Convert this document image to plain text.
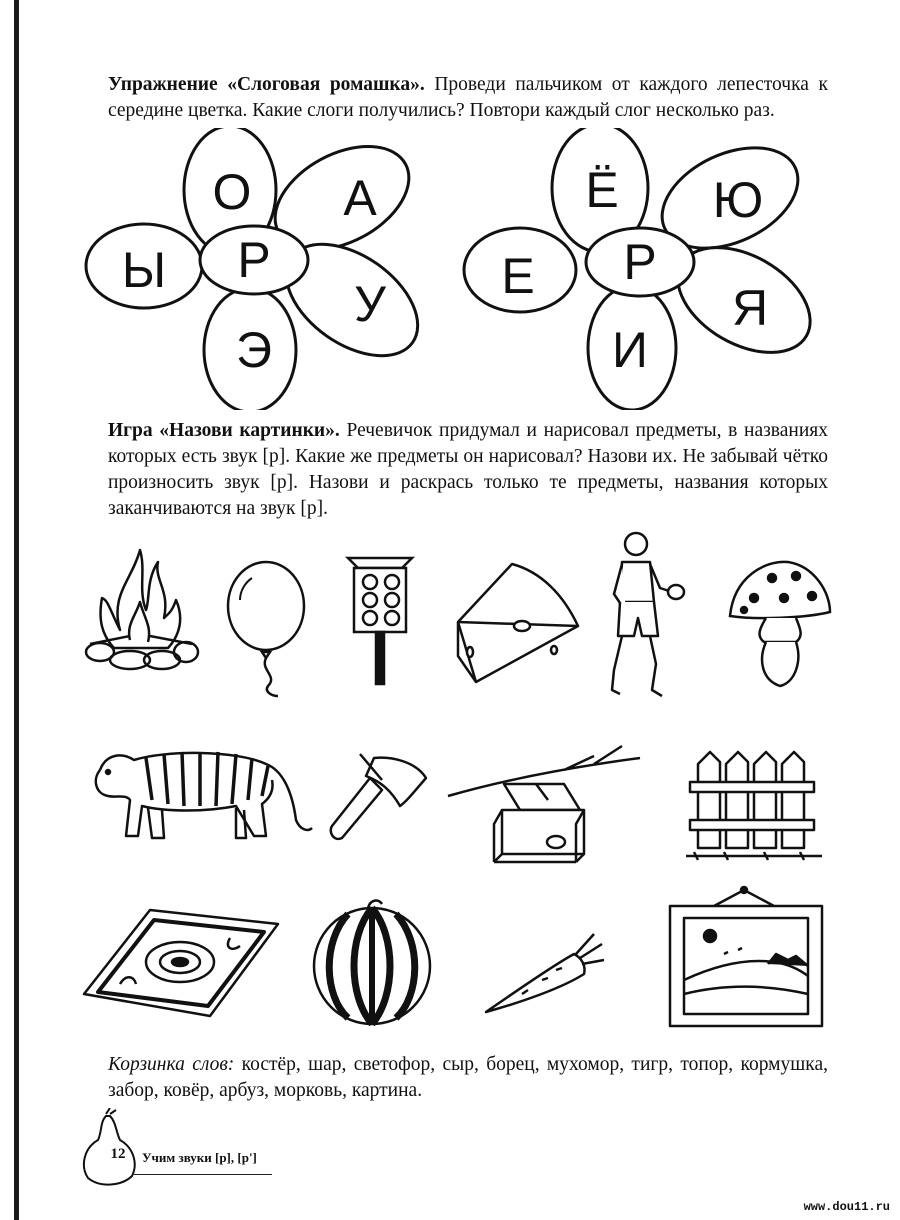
Упражнение «Слоговая ромашка». Проведи пальчиком от каждого лепесточка к середине цветка. Какие слоги получились? Повтори каждый слог несколько раз.

Р
О	А
Ы
У
Э
Р
Ё	Ю
Е
Я
И

Игра «Назови картинки». Речевичок придумал и нарисовал предметы, в названиях которых есть звук [р]. Какие же предметы он нарисовал? Назови их. Не забывай чётко произносить звук [р]. Назови и раскрась только те предметы, названия которых заканчиваются на звук [р].

Корзинка слов: костёр, шар, светофор, сыр, борец, мухомор, тигр, топор, кормушка, забор, ковёр, арбуз, морковь, картина.

12	Учим звуки [р], [р']
www.dou11.ru
